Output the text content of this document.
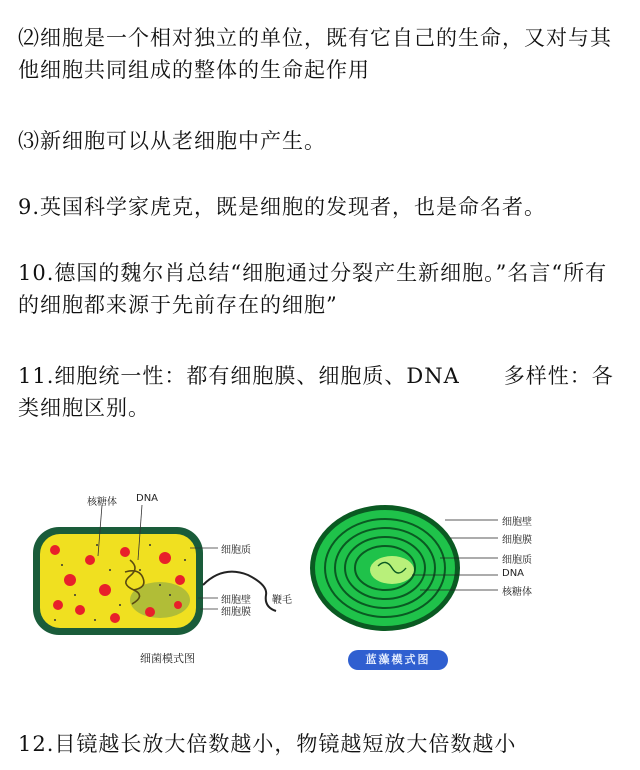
⑵细胞是一个相对独立的单位，既有它自己的生命，又对与其他细胞共同组成的整体的生命起作用
⑶新细胞可以从老细胞中产生。
9.英国科学家虎克，既是细胞的发现者，也是命名者。
10.德国的魏尔肖总结“细胞通过分裂产生新细胞。”名言“所有的细胞都来源于先前存在的细胞”
11.细胞统一性：都有细胞膜、细胞质、DNA　　多样性：各类细胞区别。
核糖体 DNA
细胞质
细胞壁
细胞膜
鞭毛
细菌模式图
细胞壁
细胞膜
细胞质
DNA
核糖体
蓝藻模式图
12.目镜越长放大倍数越小，物镜越短放大倍数越小
